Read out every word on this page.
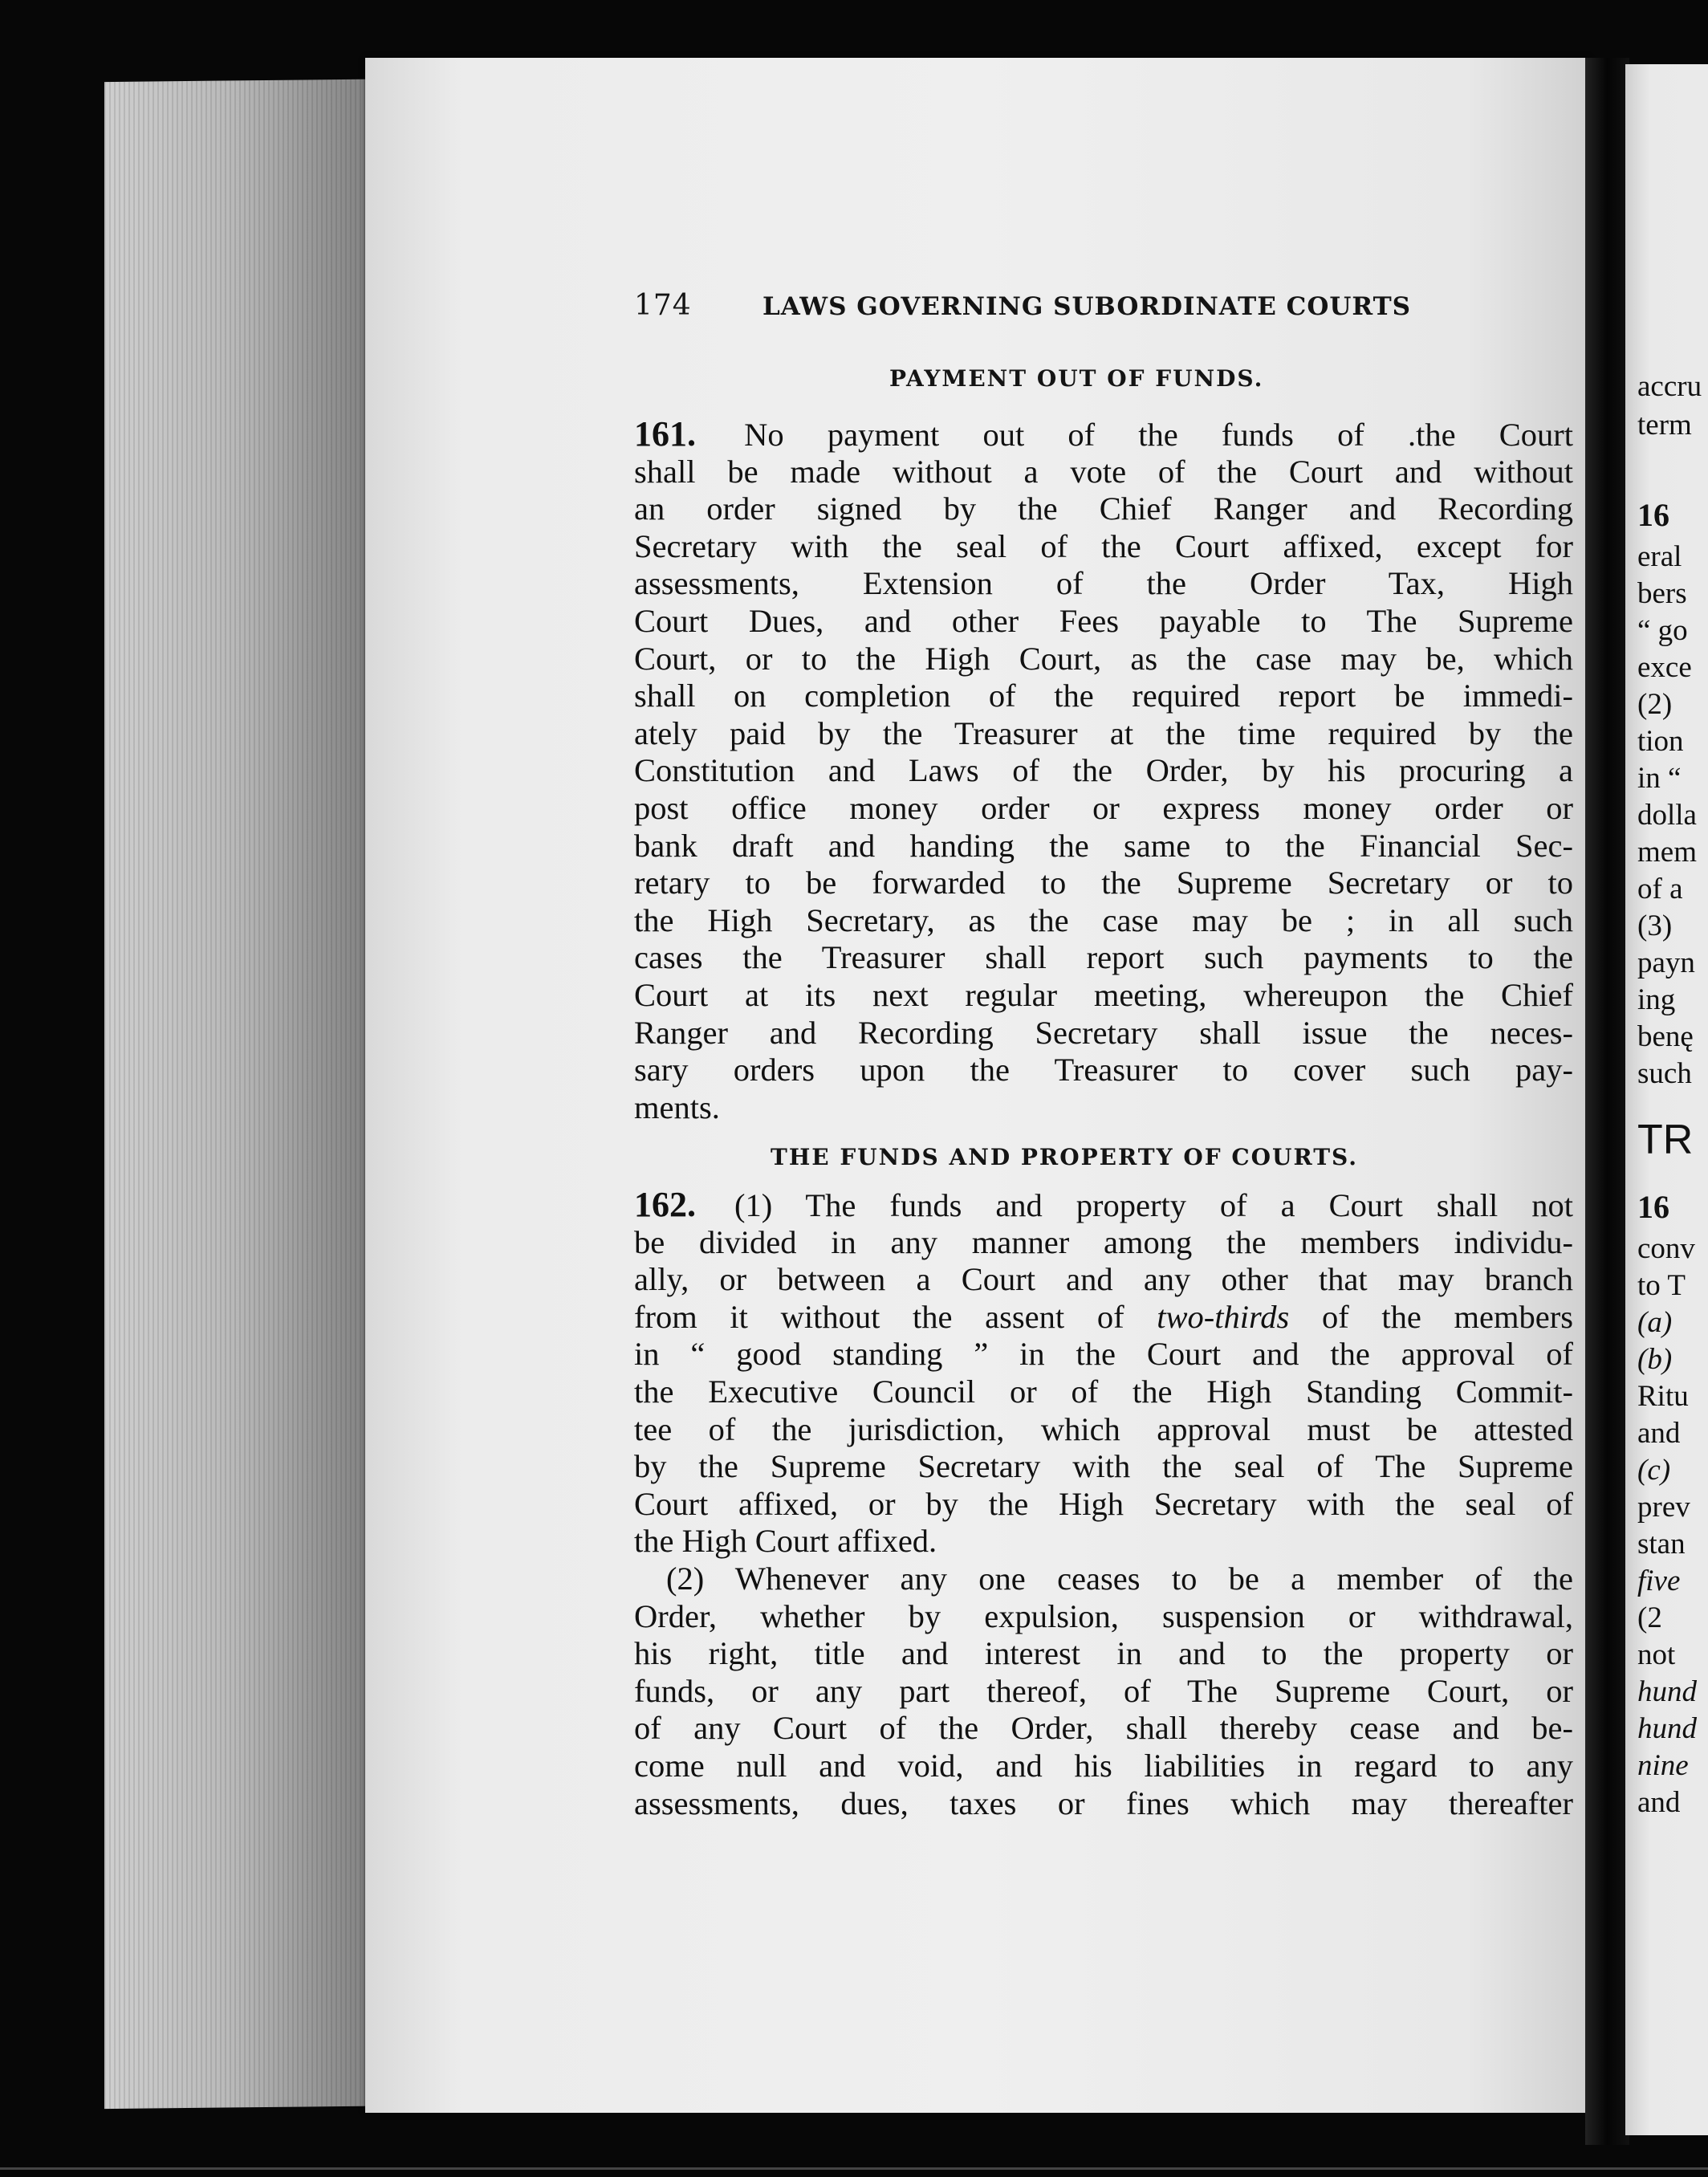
174	LAWS GOVERNING SUBORDINATE COURTS
PAYMENT OUT OF FUNDS.
161. No payment out of the funds of .the Court
shall be made without a vote of the Court and without
an order signed by the Chief Ranger and Recording
Secretary with the seal of the Court affixed, except for
assessments, Extension of the Order Tax, High
Court Dues, and other Fees payable to The Supreme
Court, or to the High Court, as the case may be, which
shall on completion of the required report be immedi-
ately paid by the Treasurer at the time required by the
Constitution and Laws of the Order, by his procuring a
post office money order or express money order or
bank draft and handing the same to the Financial Sec-
retary to be forwarded to the Supreme Secretary or to
the High Secretary, as the case may be ; in all such
cases the Treasurer shall report such payments to the
Court at its next regular meeting, whereupon the Chief
Ranger and Recording Secretary shall issue the neces-
sary orders upon the Treasurer to cover such pay-
ments.
THE FUNDS AND PROPERTY OF COURTS.
162. (1) The funds and property of a Court shall not
be divided in any manner among the members individu-
ally, or between a Court and any other that may branch
from it without the assent of two-thirds of the members
in “ good standing ” in the Court and the approval of
the Executive Council or of the High Standing Commit-
tee of the jurisdiction, which approval must be attested
by the Supreme Secretary with the seal of The Supreme
Court affixed, or by the High Secretary with the seal of
the High Court affixed.
(2) Whenever any one ceases to be a member of the
Order, whether by expulsion, suspension or withdrawal,
his right, title and interest in and to the property or
funds, or any part thereof, of The Supreme Court, or
of any Court of the Order, shall thereby cease and be-
come null and void, and his liabilities in regard to any
assessments, dues, taxes or fines which may thereafter
accru
term
16
eral
bers
“ go
exce
(2)
tion
in “
dolla
mem
of a
(3)
payn
ing
benę
such
TR
16
conv
to T
(a)
(b)
Ritu
and
(c)
prev
stan
five
(2
not
hund
hund
nine
and
